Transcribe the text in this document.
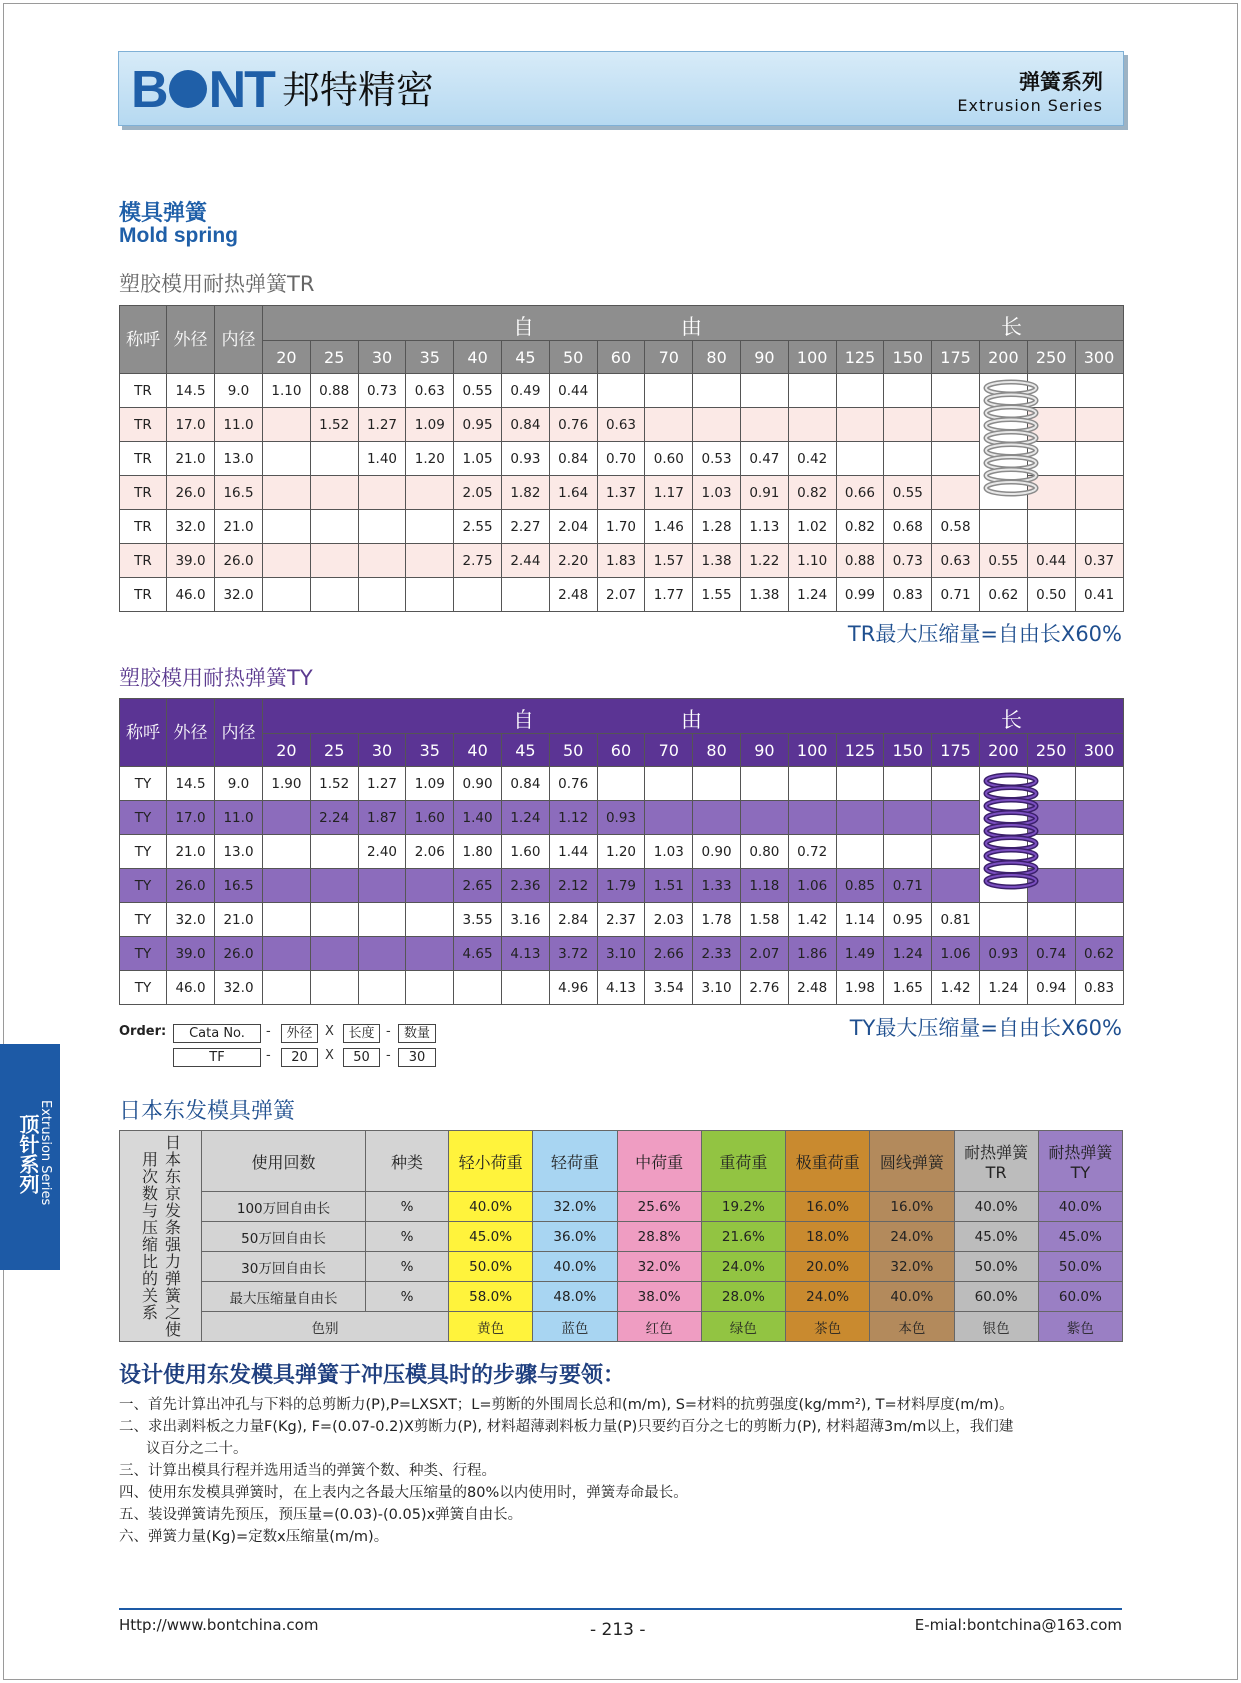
B NT 邦特精密	弹簧系列
Extrusion Series
顶针系列
Extrusion Series
模具弹簧
Mold spring
塑胶模用耐热弹簧TR
称呼	外径	内径	自 由 长																	

			20	25	30	35	40	45	50	60	70	80	90	100	125	150	175	200	250	300
TR	14.5	9.0	1.10	0.88	0.73	0.63	0.55	0.49	0.44									

TR	17.0	11.0		1.52	1.27	1.09	0.95	0.84	0.76	0.63										
TR	21.0	13.0			1.40	1.20	1.05	0.93	0.84	0.70	0.60	0.53	0.47	0.42						
TR	26.0	16.5					2.05	1.82	1.64	1.37	1.17	1.03	0.91	0.82	0.66	0.55				
TR	32.0	21.0					2.55	2.27	2.04	1.70	1.46	1.28	1.13	1.02	0.82	0.68	0.58			
TR	39.0	26.0					2.75	2.44	2.20	1.83	1.57	1.38	1.22	1.10	0.88	0.73	0.63	0.55	0.44	0.37
TR	46.0	32.0							2.48	2.07	1.77	1.55	1.38	1.24	0.99	0.83	0.71	0.62	0.50	0.41
TR最大压缩量=自由长X60%
塑胶模用耐热弹簧TY
称呼	外径	内径	自 由 长																	

			20	25	30	35	40	45	50	60	70	80	90	100	125	150	175	200	250	300
TY	14.5	9.0	1.90	1.52	1.27	1.09	0.90	0.84	0.76									

TY	17.0	11.0		2.24	1.87	1.60	1.40	1.24	1.12	0.93										
TY	21.0	13.0			2.40	2.06	1.80	1.60	1.44	1.20	1.03	0.90	0.80	0.72						
TY	26.0	16.5					2.65	2.36	2.12	1.79	1.51	1.33	1.18	1.06	0.85	0.71				
TY	32.0	21.0					3.55	3.16	2.84	2.37	2.03	1.78	1.58	1.42	1.14	0.95	0.81			
TY	39.0	26.0					4.65	4.13	3.72	3.10	2.66	2.33	2.07	1.86	1.49	1.24	1.06	0.93	0.74	0.62
TY	46.0	32.0							4.96	4.13	3.54	3.10	2.76	2.48	1.98	1.65	1.42	1.24	0.94	0.83
TY最大压缩量=自由长X60%
Order:	Cata No.	-	外径 X	长度 -	数量
TF	-	20	X	50	-	30
日本东发模具弹簧
日本东京发条强力弹簧之使用次数与压缩比的关系	使用回数	种类	轻小荷重	轻荷重	中荷重	重荷重	极重荷重	圆线弹簧	耐热弹簧TR	耐热弹簧TY
	100万回自由长	%	40.0%	32.0%	25.6%	19.2%	16.0%	16.0%	40.0%	40.0%
	50万回自由长	%	45.0%	36.0%	28.8%	21.6%	18.0%	24.0%	45.0%	45.0%
	30万回自由长	%	50.0%	40.0%	32.0%	24.0%	20.0%	32.0%	50.0%	50.0%
	最大压缩量自由长	%	58.0%	48.0%	38.0%	28.0%	24.0%	40.0%	60.0%	60.0%
	色别		黄色	蓝色	红色	绿色	茶色	本色	银色	紫色
设计使用东发模具弹簧于冲压模具时的步骤与要领：

一、首先计算出冲孔与下料的总剪断力(P),P=LXSXT；L=剪断的外围周长总和(m/m), S=材料的抗剪强度(kg/mm²), T=材料厚度(m/m)。

二、求出剥料板之力量F(Kg), F=(0.07-0.2)X剪断力(P), 材料超薄剥料板力量(P)只要约百分之七的剪断力(P), 材料超薄3m/m以上，我们建

议百分之二十。

三、计算出模具行程并选用适当的弹簧个数、种类、行程。

四、使用东发模具弹簧时，在上表内之各最大压缩量的80%以内使用时，弹簧寿命最长。

五、装设弹簧请先预压，预压量=(0.03)-(0.05)x弹簧自由长。

六、弹簧力量(Kg)=定数x压缩量(m/m)。

Http://www.bontchina.com	- 213 -	E-mial:bontchina@163.com
